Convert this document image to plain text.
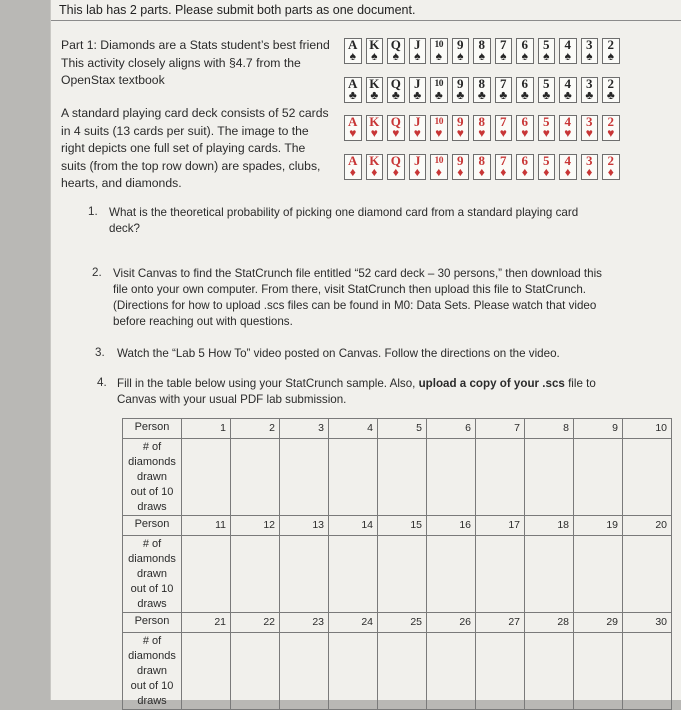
This lab has 2 parts. Please submit both parts as one document.
Part 1: Diamonds are a Stats student’s best friend
This activity closely aligns with §4.7 from the
OpenStax textbook
A standard playing card deck consists of 52 cards
in 4 suits (13 cards per suit). The image to the
right depicts one full set of playing cards. The
suits (from the top row down) are spades, clubs,
hearts, and diamonds.
A
♠
K
♠
Q
♠
J
♠
10
♠
9
♠
8
♠
7
♠
6
♠
5
♠
4
♠
3
♠
2
♠
A
♣
K
♣
Q
♣
J
♣
10
♣
9
♣
8
♣
7
♣
6
♣
5
♣
4
♣
3
♣
2
♣
A
♥
K
♥
Q
♥
J
♥
10
♥
9
♥
8
♥
7
♥
6
♥
5
♥
4
♥
3
♥
2
♥
A
♦
K
♦
Q
♦
J
♦
10
♦
9
♦
8
♦
7
♦
6
♦
5
♦
4
♦
3
♦
2
♦
1. What is the theoretical probability of picking one diamond card from a standard playing card
deck?
2. Visit Canvas to find the StatCrunch file entitled “52 card deck – 30 persons,” then download this
file onto your own computer. From there, visit StatCrunch then upload this file to StatCrunch.
(Directions for how to upload .scs files can be found in M0: Data Sets. Please watch that video
before reaching out with questions.
3. Watch the “Lab 5 How To” video posted on Canvas. Follow the directions on the video.
4. Fill in the table below using your StatCrunch sample. Also, upload a copy of your .scs file to
Canvas with your usual PDF lab submission.
Person	1	2	3	4	5	6	7	8	9	10

# of
diamonds
drawn
out of 10
draws										

Person	11	12	13	14	15	16	17	18	19	20

# of
diamonds
drawn
out of 10
draws										

Person	21	22	23	24	25	26	27	28	29	30

# of
diamonds
drawn
out of 10
draws										
